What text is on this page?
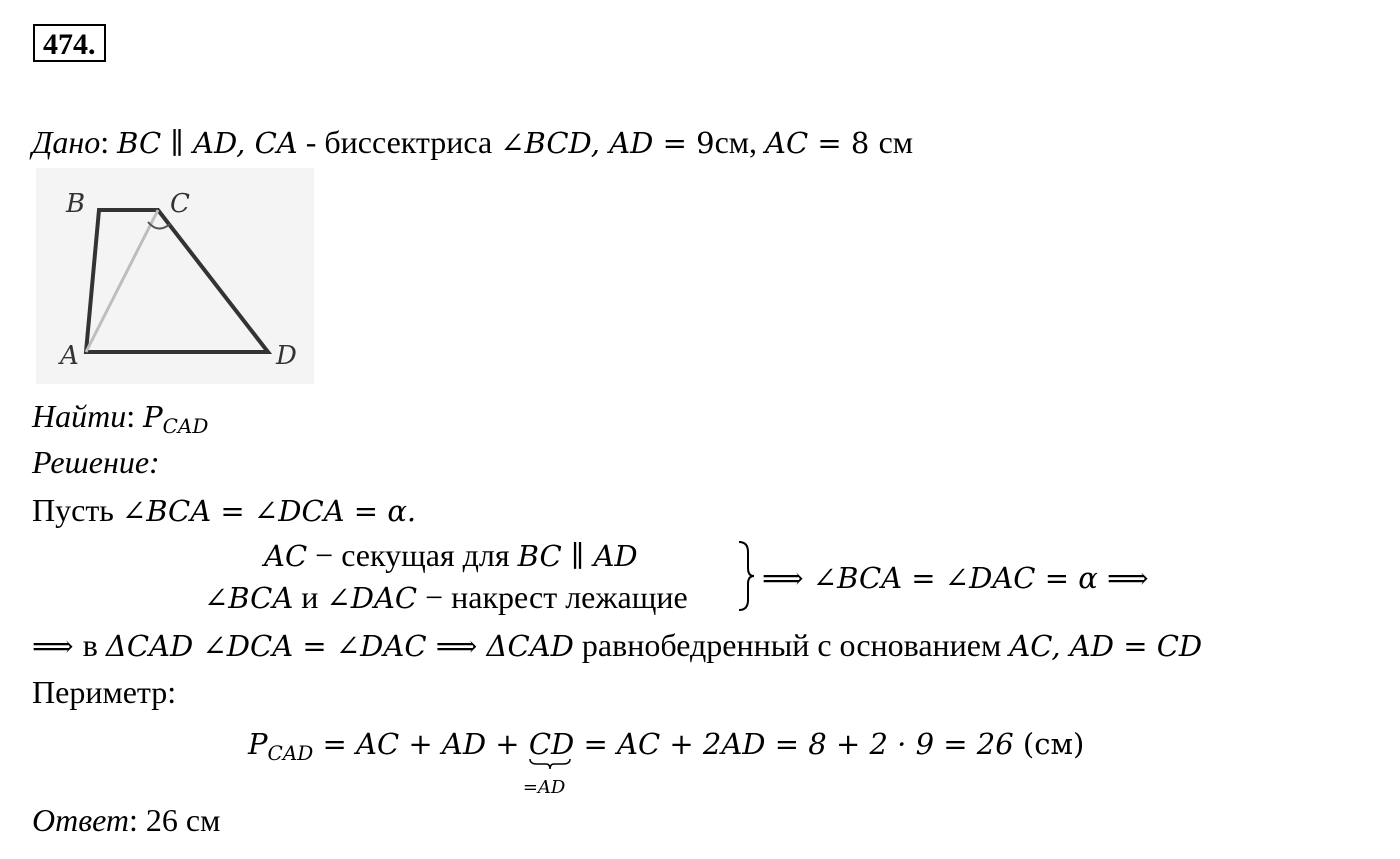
474.
Дано: BC ∥ AD, CA - биссектриса ∠BCD, AD = 9см, AC = 8 см
B	C
A	D
Найти: $P_{CAD}$
Решение:
Пусть ∠BCA = ∠DCA = α.
AC − секущая для BC ∥ AD
∠BCA и ∠DAC − накрест лежащие
⟹ ∠BCA = ∠DAC = α ⟹
⟹ в ΔCAD ∠DCA = ∠DAC ⟹ ΔCAD равнобедренный с основанием AC, AD = CD
Периметр:
$P_{CAD}$ = AC + AD + CD
=AD
= AC + 2AD = 8 + 2 · 9 = 26 (см)
Ответ: 26 см
